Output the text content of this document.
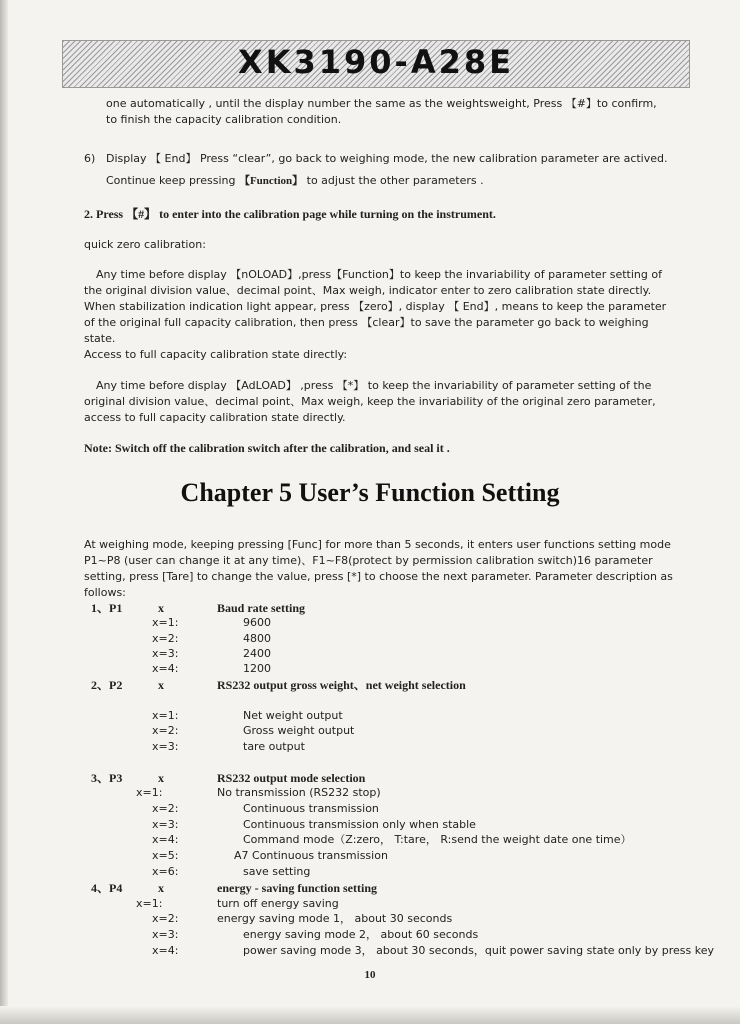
XK3190-A28E
one automatically , until the display number the same as the weightsweight, Press 【#】to confirm, to finish the capacity calibration condition.
6) Display 【 End】 Press “clear”, go back to weighing mode, the new calibration parameter are actived.
Continue keep pressing 【Function】 to adjust the other parameters .
2. Press 【#】 to enter into the calibration page while turning on the instrument.
quick zero calibration:
Any time before display 【nOLOAD】,press【Function】to keep the invariability of parameter setting of the original division value、decimal point、Max weigh, indicator enter to zero calibration state directly. When stabilization indication light appear, press 【zero】, display 【 End】, means to keep the parameter of the original full capacity calibration, then press 【clear】to save the parameter go back to weighing state.
Access to full capacity calibration state directly:
Any time before display 【AdLOAD】 ,press 【*】 to keep the invariability of parameter setting of the original division value、decimal point、Max weigh, keep the invariability of the original zero parameter, access to full capacity calibration state directly.
Note: Switch off the calibration switch after the calibration, and seal it .
Chapter 5 User’s Function Setting
At weighing mode, keeping pressing [Func] for more than 5 seconds, it enters user functions setting mode P1~P8 (user can change it at any time)、F1~F8(protect by permission calibration switch)16 parameter setting, press [Tare] to change the value, press [*] to choose the next parameter. Parameter description as follows:
1、P1	x	Baud rate setting
x=1:	9600
x=2:	4800
x=3:	2400
x=4:	1200
2、P2	x	RS232 output gross weight、net weight selection
x=1:	Net weight output
x=2:	Gross weight output
x=3:	tare output
3、P3	x	RS232 output mode selection
x=1:	No transmission (RS232 stop)
x=2:	Continuous transmission
x=3:	Continuous transmission only when stable
x=4:	Command mode（Z:zero， T:tare， R:send the weight date one time）
x=5:	A7 Continuous transmission
x=6:	save setting
4、P4	x	energy - saving function setting
x=1:	turn off energy saving
x=2:	energy saving mode 1， about 30 seconds
x=3:	energy saving mode 2， about 60 seconds
x=4:	power saving mode 3， about 30 seconds，quit power saving state only by press key
10
